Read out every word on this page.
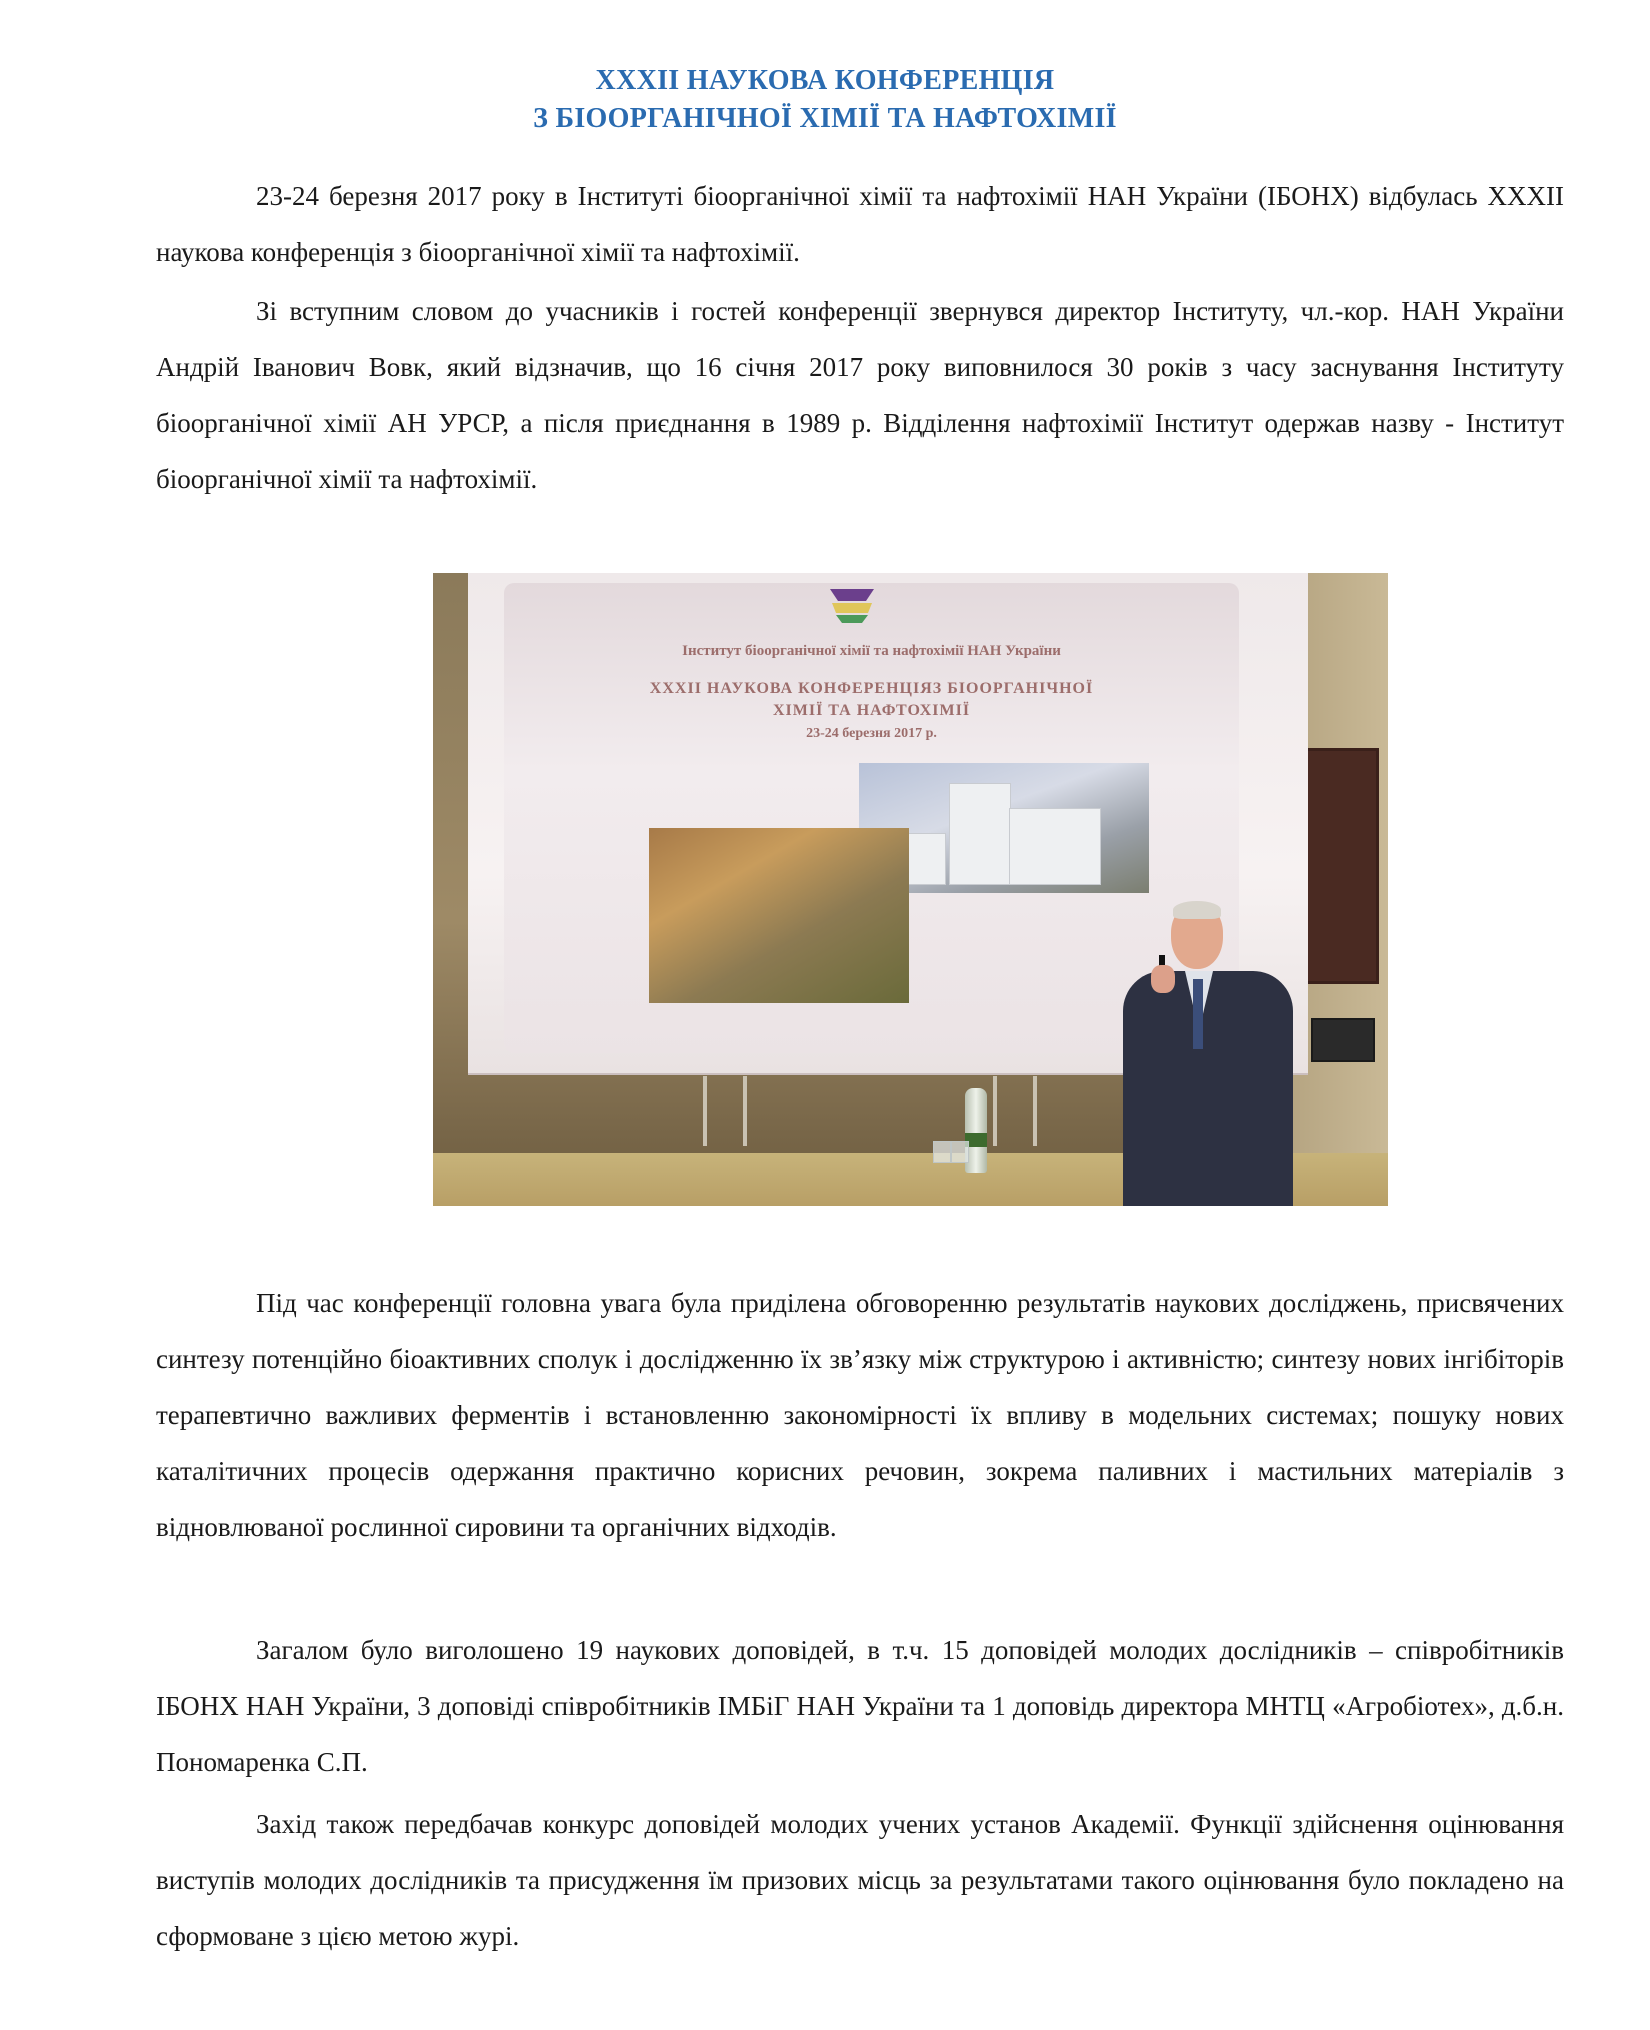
XXXII НАУКОВА КОНФЕРЕНЦІЯ
З БІООРГАНІЧНОЇ ХІМІЇ ТА НАФТОХІМІЇ

23-24 березня 2017 року в Інституті біоорганічної хімії та нафтохімії НАН України (ІБОНХ) відбулась XXXII наукова конференція з біоорганічної хімії та нафтохімії.

Зі вступним словом до учасників і гостей конференції звернувся директор Інституту, чл.-кор. НАН України Андрій Іванович Вовк, який відзначив, що 16 січня 2017 року виповнилося 30 років з часу заснування Інституту біоорганічної хімії АН УРСР, а після приєднання в 1989 р. Відділення нафтохімії Інститут одержав назву - Інститут біоорганічної хімії та нафтохімії.

Інститут біоорганічної хімії та нафтохімії НАН України
XXXII НАУКОВА КОНФЕРЕНЦІЯЗ БІООРГАНІЧНОЇ
ХІМІЇ ТА НАФТОХІМІЇ
23-24 березня 2017 р.

Під час конференції головна увага була приділена обговоренню результатів наукових досліджень, присвячених синтезу потенційно біоактивних сполук і дослідженню їх зв’язку між структурою і активністю; синтезу нових інгібіторів терапевтично важливих ферментів і встановленню закономірності їх впливу в модельних системах; пошуку нових каталітичних процесів одержання практично корисних речовин, зокрема паливних і мастильних матеріалів з відновлюваної рослинної сировини та органічних відходів.

Загалом було виголошено 19 наукових доповідей, в т.ч. 15 доповідей молодих дослідників – співробітників ІБОНХ НАН України, 3 доповіді співробітників ІМБіГ НАН України та 1 доповідь директора МНТЦ «Агробіотех», д.б.н. Пономаренка С.П.

Захід також передбачав конкурс доповідей молодих учених установ Академії. Функції здійснення оцінювання виступів молодих дослідників та присудження їм призових місць за результатами такого оцінювання було покладено на сформоване з цією метою журі.
